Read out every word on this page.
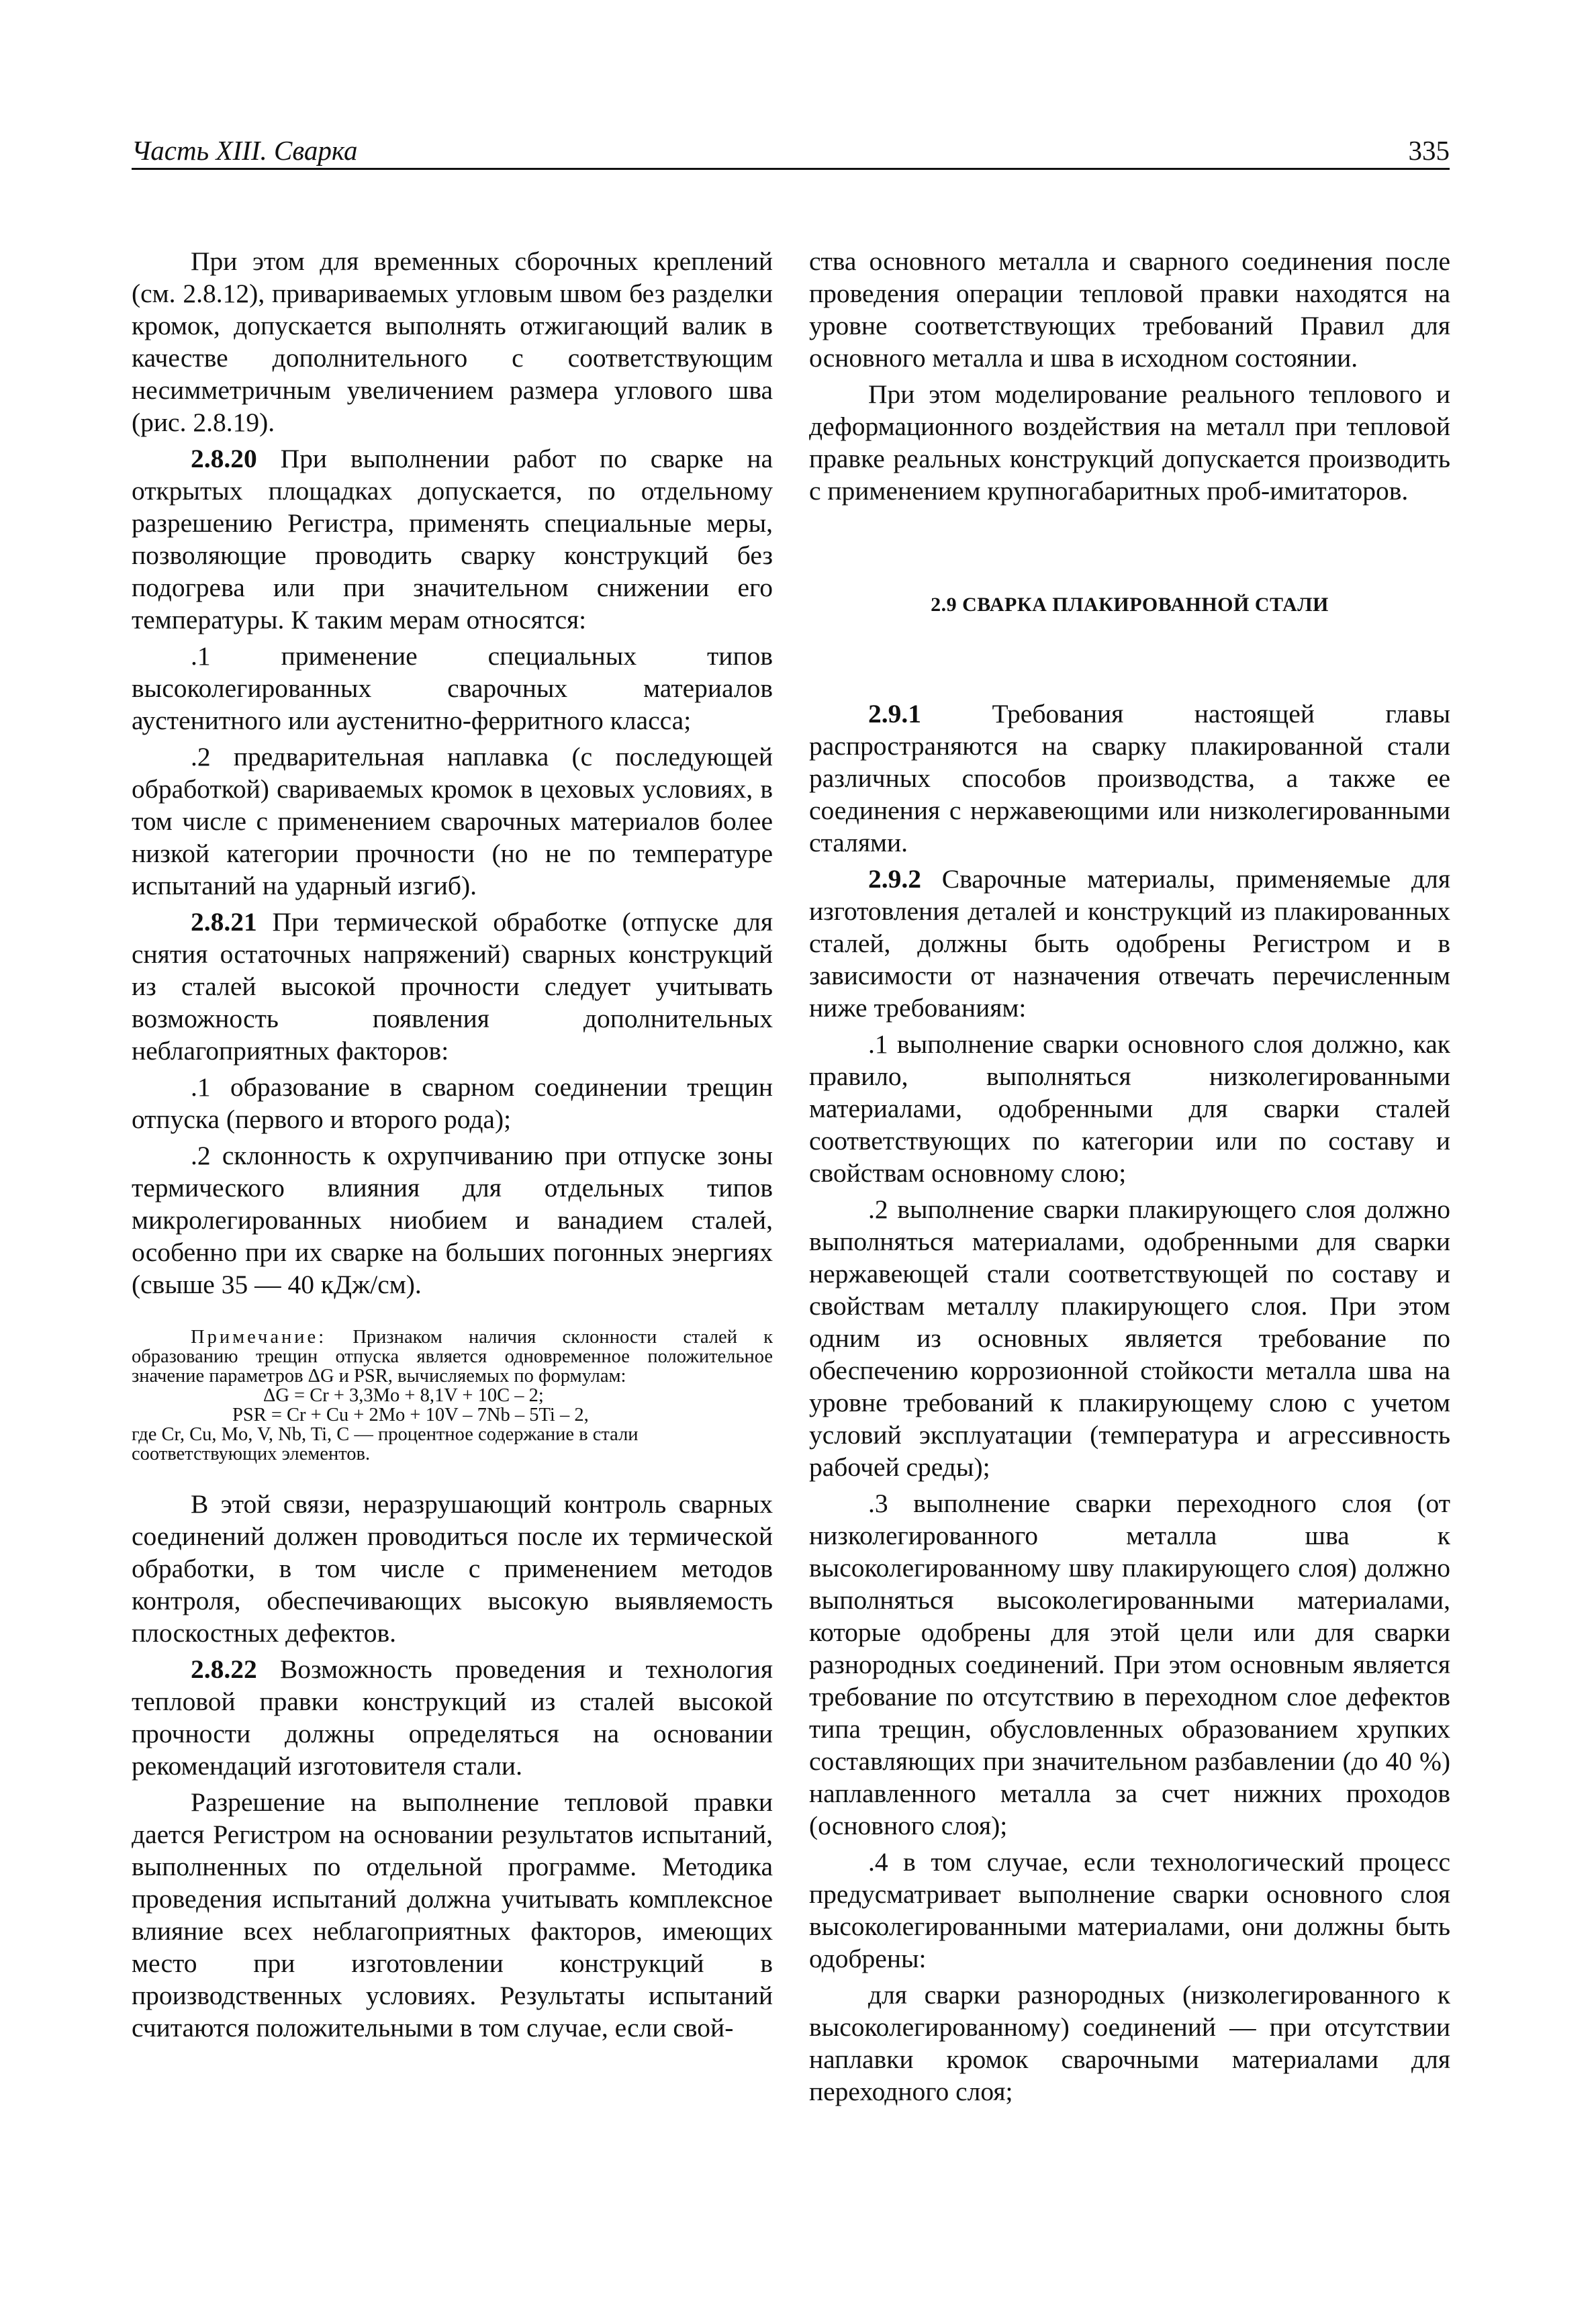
Часть XIII. Сварка	335

При этом для временных сборочных креплений (см. 2.8.12), привариваемых угловым швом без разделки кромок, допускается выполнять отжигающий валик в качестве дополнительного с соответствующим несимметричным увеличением размера углового шва (рис. 2.8.19).

2.8.20 При выполнении работ по сварке на открытых площадках допускается, по отдельному разрешению Регистра, применять специальные меры, позволяющие проводить сварку конструкций без подогрева или при значительном снижении его температуры. К таким мерам относятся:

.1 применение специальных типов высоколегированных сварочных материалов аустенитного или аустенитно-ферритного класса;

.2 предварительная наплавка (с последующей обработкой) свариваемых кромок в цеховых условиях, в том числе с применением сварочных материалов более низкой категории прочности (но не по температуре испытаний на ударный изгиб).

2.8.21 При термической обработке (отпуске для снятия остаточных напряжений) сварных конструкций из сталей высокой прочности следует учитывать возможность появления дополнительных неблагоприятных факторов:

.1 образование в сварном соединении трещин отпуска (первого и второго рода);

.2 склонность к охрупчиванию при отпуске зоны термического влияния для отдельных типов микролегированных ниобием и ванадием сталей, особенно при их сварке на больших погонных энергиях (свыше 35 — 40 кДж/см).

Примечание: Признаком наличия склонности сталей к образованию трещин отпуска является одновременное положительное значение параметров ΔG и PSR, вычисляемых по формулам:
ΔG = Cr + 3,3Mo + 8,1V + 10C – 2;
PSR = Cr + Cu + 2Mo + 10V – 7Nb – 5Ti – 2,
где Cr, Cu, Mo, V, Nb, Ti, C — процентное содержание в стали соответствующих элементов.

В этой связи, неразрушающий контроль сварных соединений должен проводиться после их термической обработки, в том числе с применением методов контроля, обеспечивающих высокую выявляемость плоскостных дефектов.

2.8.22 Возможность проведения и технология тепловой правки конструкций из сталей высокой прочности должны определяться на основании рекомендаций изготовителя стали.

Разрешение на выполнение тепловой правки дается Регистром на основании результатов испытаний, выполненных по отдельной программе. Методика проведения испытаний должна учитывать комплексное влияние всех неблагоприятных факторов, имеющих место при изготовлении конструкций в производственных условиях. Результаты испытаний считаются положительными в том случае, если свой-

ства основного металла и сварного соединения после проведения операции тепловой правки находятся на уровне соответствующих требований Правил для основного металла и шва в исходном состоянии.

При этом моделирование реального теплового и деформационного воздействия на металл при тепловой правке реальных конструкций допускается производить с применением крупногабаритных проб-имитаторов.

2.9 СВАРКА ПЛАКИРОВАННОЙ СТАЛИ

2.9.1	Требования настоящей главы распространяются на сварку плакированной стали различных способов производства, а также ее соединения с нержавеющими или низколегированными сталями.

2.9.2 Сварочные материалы, применяемые для изготовления деталей и конструкций из плакированных сталей, должны быть одобрены Регистром и в зависимости от назначения отвечать перечисленным ниже требованиям:

.1 выполнение сварки основного слоя должно, как правило, выполняться низколегированными материалами, одобренными для сварки сталей соответствующих по категории или по составу и свойствам основному слою;

.2 выполнение сварки плакирующего слоя должно выполняться материалами, одобренными для сварки нержавеющей стали соответствующей по составу и свойствам металлу плакирующего слоя. При этом одним из основных является требование по обеспечению коррозионной стойкости металла шва на уровне требований к плакирующему слою с учетом условий эксплуатации (температура и агрессивность рабочей среды);

.3 выполнение сварки переходного слоя (от низколегированного металла шва к высоколегированному шву плакирующего слоя) должно выполняться высоколегированными материалами, которые одобрены для этой цели или для сварки разнородных соединений. При этом основным является требование по отсутствию в переходном слое дефектов типа трещин, обусловленных образованием хрупких составляющих при значительном разбавлении (до 40 %) наплавленного металла за счет нижних проходов (основного слоя);

.4 в том случае, если технологический процесс предусматривает выполнение сварки основного слоя высоколегированными материалами, они должны быть одобрены:

для сварки разнородных (низколегированного к высоколегированному) соединений — при отсутствии наплавки кромок сварочными материалами для переходного слоя;
